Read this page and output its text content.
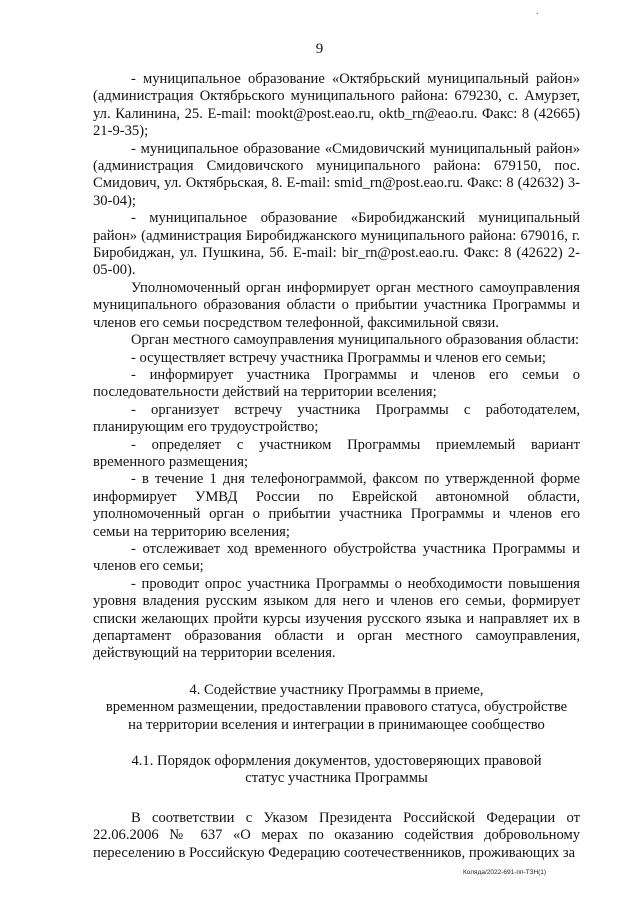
.
9

- муниципальное образование «Октябрьский муниципальный район» (администрация Октябрьского муниципального района: 679230, с. Амурзет, ул. Калинина, 25. E-mail: mookt@post.eao.ru, oktb_rn@eao.ru. Факс: 8 (42665) 21-9-35);

- муниципальное образование «Смидовичский муниципальный район» (администрация Смидовичского муниципального района: 679150, пос. Смидович, ул. Октябрьская, 8. E-mail: smid_rn@post.eao.ru. Факс: 8 (42632) 3-30-04);

- муниципальное образование «Биробиджанский муниципальный район» (администрация Биробиджанского муниципального района: 679016, г. Биробиджан, ул. Пушкина, 5б. E-mail: bir_rn@post.eao.ru. Факс: 8 (42622) 2-05-00).

Уполномоченный орган информирует орган местного самоуправления муниципального образования области о прибытии участника Программы и членов его семьи посредством телефонной, факсимильной связи.

Орган местного самоуправления муниципального образования области:

- осуществляет встречу участника Программы и членов его семьи;

- информирует участника Программы и членов его семьи о последовательности действий на территории вселения;

- организует встречу участника Программы с работодателем, планирующим его трудоустройство;

- определяет с участником Программы приемлемый вариант временного размещения;

- в течение 1 дня телефонограммой, факсом по утвержденной форме информирует УМВД России по Еврейской автономной области, уполномоченный орган о прибытии участника Программы и членов его семьи на территорию вселения;

- отслеживает ход временного обустройства участника Программы и членов его семьи;

- проводит опрос участника Программы о необходимости повышения уровня владения русским языком для него и членов его семьи, формирует списки желающих пройти курсы изучения русского языка и направляет их в департамент образования области и орган местного самоуправления, действующий на территории вселения.

4. Содействие участнику Программы в приеме,
временном размещении, предоставлении правового статуса, обустройстве
на территории вселения и интеграции в принимающее сообщество
4.1. Порядок оформления документов, удостоверяющих правовой
статус участника Программы

В соответствии с Указом Президента Российской Федерации от 22.06.2006 № 637 «О мерах по оказанию содействия добровольному переселению в Российскую Федерацию соотечественников, проживающих за

Коляда/2022-691-пп-ТЗН(1)
